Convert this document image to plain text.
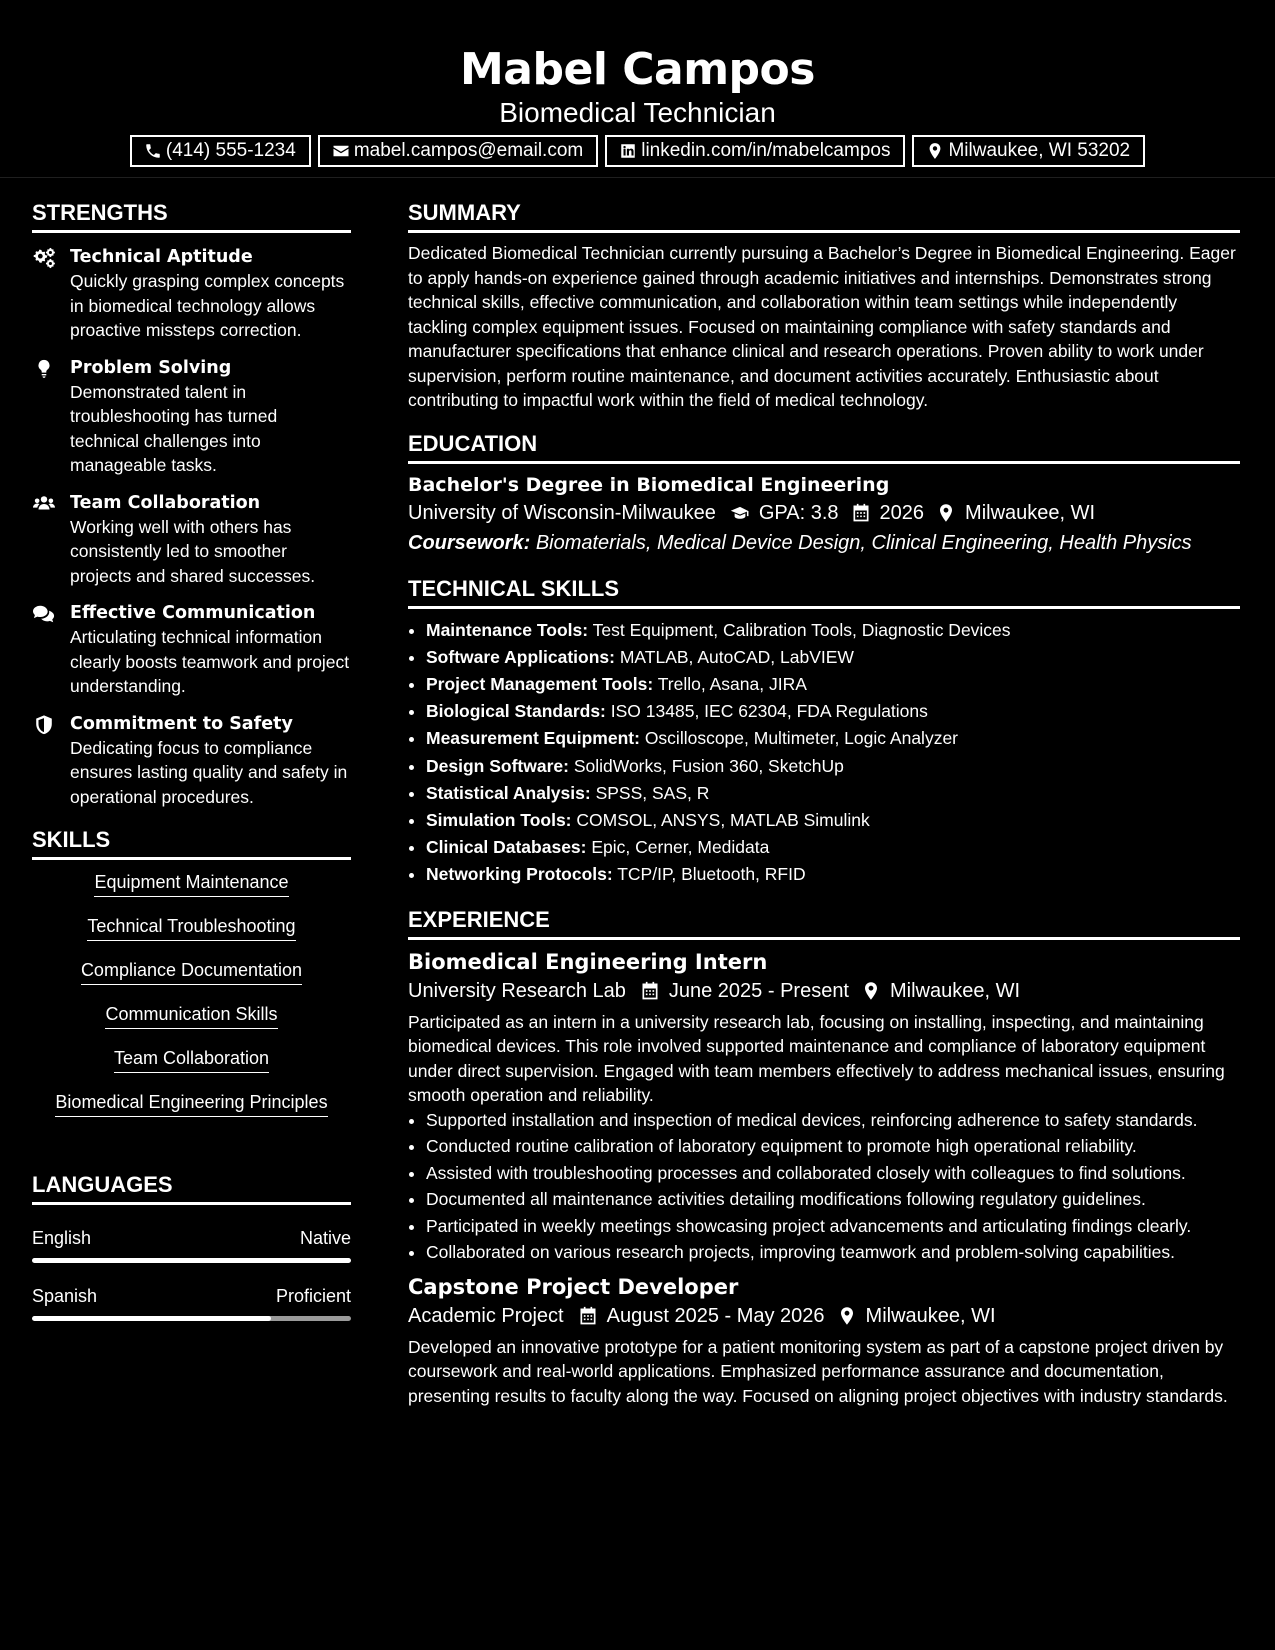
Mabel Campos
Biomedical Technician
(414) 555-1234	mabel.campos@email.com	linkedin.com/in/mabelcampos	Milwaukee, WI 53202
STRENGTHS
Technical Aptitude
Quickly grasping complex concepts in biomedical technology allows proactive missteps correction.
Problem Solving
Demonstrated talent in troubleshooting has turned technical challenges into manageable tasks.
Team Collaboration
Working well with others has consistently led to smoother projects and shared successes.
Effective Communication
Articulating technical information clearly boosts teamwork and project understanding.
Commitment to Safety
Dedicating focus to compliance ensures lasting quality and safety in operational procedures.
SKILLS
Equipment Maintenance
Technical Troubleshooting
Compliance Documentation
Communication Skills
Team Collaboration
Biomedical Engineering Principles
LANGUAGES
English	Native
Spanish	Proficient
SUMMARY

Dedicated Biomedical Technician currently pursuing a Bachelor’s Degree in Biomedical Engineering. Eager to apply hands-on experience gained through academic initiatives and internships. Demonstrates strong technical skills, effective communication, and collaboration within team settings while independently tackling complex equipment issues. Focused on maintaining compliance with safety standards and manufacturer specifications that enhance clinical and research operations. Proven ability to work under supervision, perform routine maintenance, and document activities accurately. Enthusiastic about contributing to impactful work within the field of medical technology.

EDUCATION
Bachelor's Degree in Biomedical Engineering
University of Wisconsin-Milwaukee GPA: 3.8 2026 Milwaukee, WI
Coursework: Biomaterials, Medical Device Design, Clinical Engineering, Health Physics
TECHNICAL SKILLS
• Maintenance Tools: Test Equipment, Calibration Tools, Diagnostic Devices
• Software Applications: MATLAB, AutoCAD, LabVIEW
• Project Management Tools: Trello, Asana, JIRA
• Biological Standards: ISO 13485, IEC 62304, FDA Regulations
• Measurement Equipment: Oscilloscope, Multimeter, Logic Analyzer
• Design Software: SolidWorks, Fusion 360, SketchUp
• Statistical Analysis: SPSS, SAS, R
• Simulation Tools: COMSOL, ANSYS, MATLAB Simulink
• Clinical Databases: Epic, Cerner, Medidata
• Networking Protocols: TCP/IP, Bluetooth, RFID
EXPERIENCE
Biomedical Engineering Intern
University Research Lab June 2025 - Present Milwaukee, WI

Participated as an intern in a university research lab, focusing on installing, inspecting, and maintaining biomedical devices. This role involved supported maintenance and compliance of laboratory equipment under direct supervision. Engaged with team members effectively to address mechanical issues, ensuring smooth operation and reliability.

• Supported installation and inspection of medical devices, reinforcing adherence to safety standards.
• Conducted routine calibration of laboratory equipment to promote high operational reliability.
• Assisted with troubleshooting processes and collaborated closely with colleagues to find solutions.
• Documented all maintenance activities detailing modifications following regulatory guidelines.
• Participated in weekly meetings showcasing project advancements and articulating findings clearly.
• Collaborated on various research projects, improving teamwork and problem-solving capabilities.
Capstone Project Developer
Academic Project August 2025 - May 2026 Milwaukee, WI

Developed an innovative prototype for a patient monitoring system as part of a capstone project driven by coursework and real-world applications. Emphasized performance assurance and documentation, presenting results to faculty along the way. Focused on aligning project objectives with industry standards.
